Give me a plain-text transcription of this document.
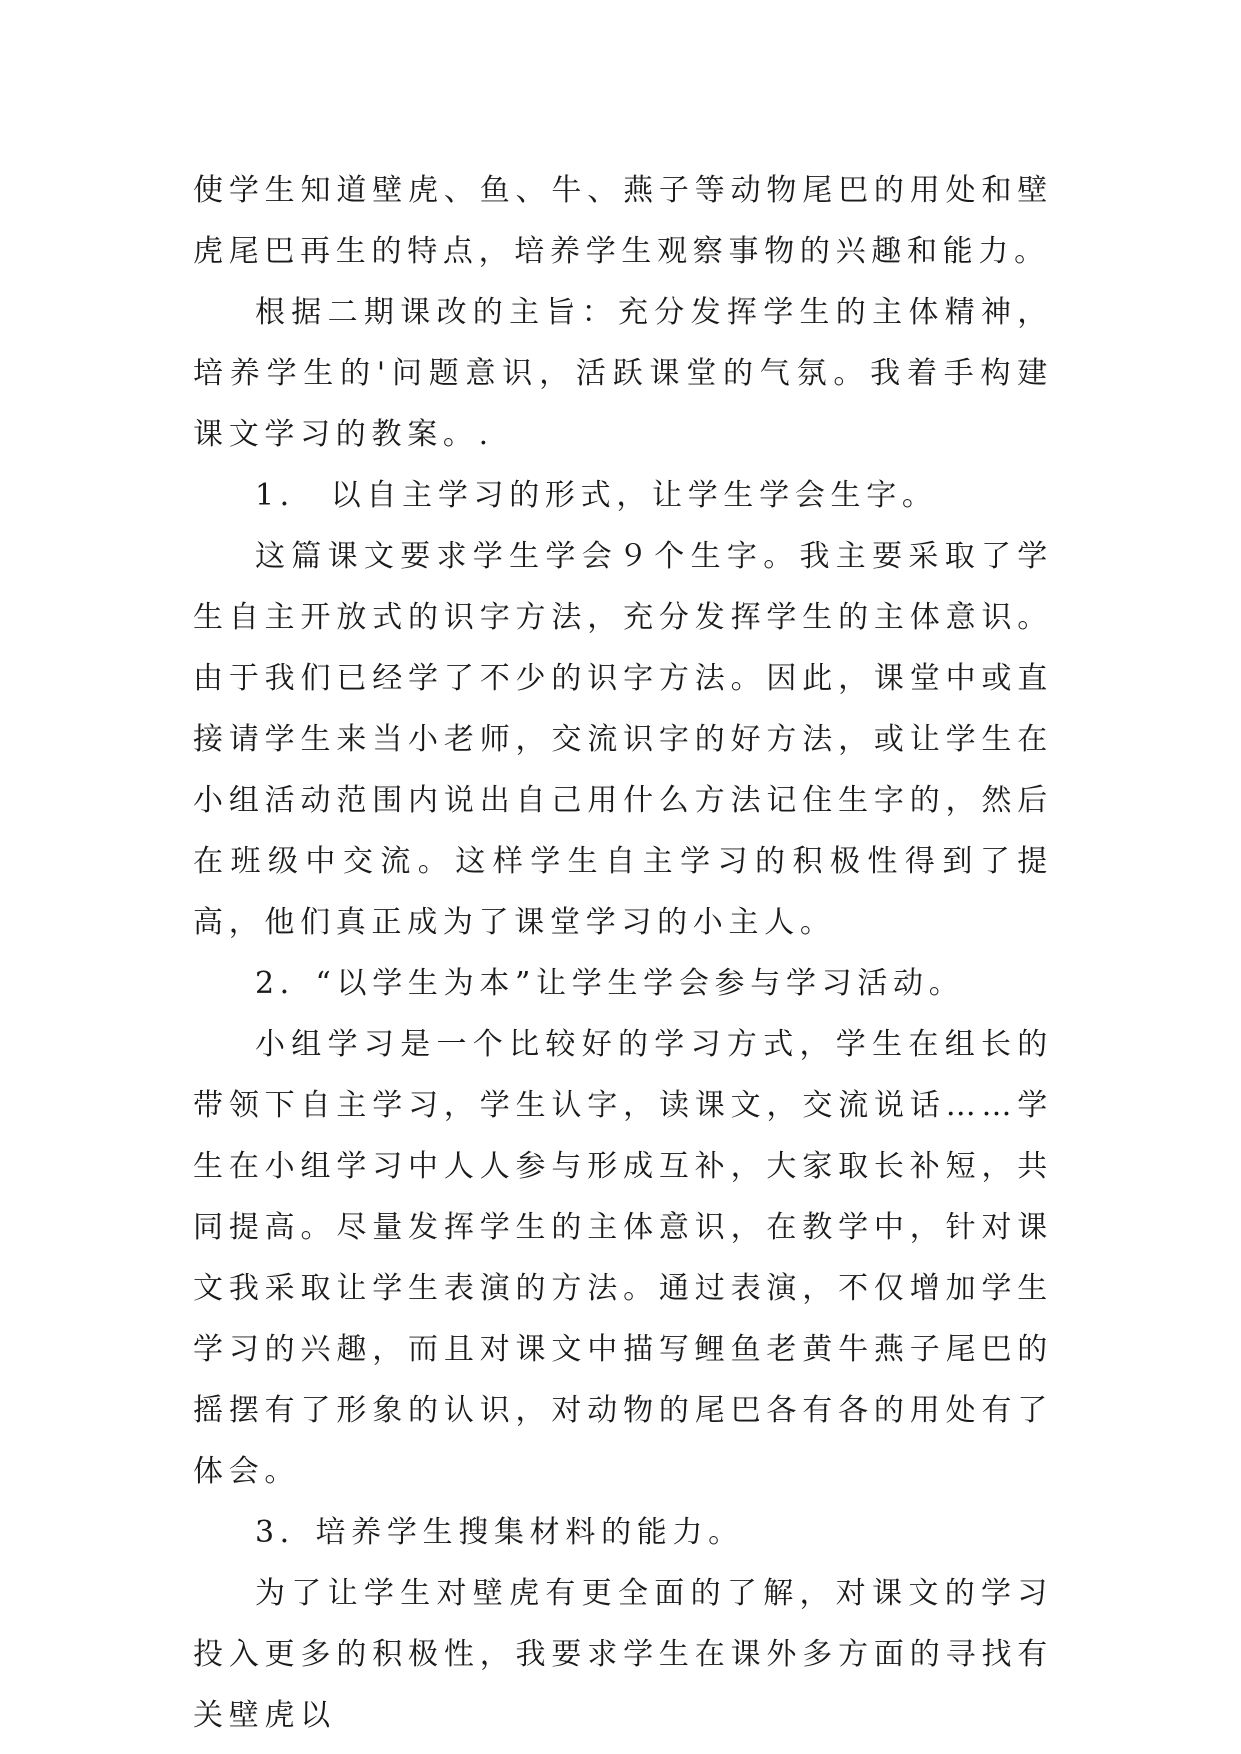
使学生知道壁虎、鱼、牛、燕子等动物尾巴的用处和壁虎尾巴再生的特点，培养学生观察事物的兴趣和能力。

根据二期课改的主旨：充分发挥学生的主体精神，培养学生的'问题意识，活跃课堂的气氛。我着手构建课文学习的教案。.

1． 以自主学习的形式，让学生学会生字。

这篇课文要求学生学会９个生字。我主要采取了学生自主开放式的识字方法，充分发挥学生的主体意识。由于我们已经学了不少的识字方法。因此，课堂中或直接请学生来当小老师，交流识字的好方法，或让学生在小组活动范围内说出自己用什么方法记住生字的，然后在班级中交流。这样学生自主学习的积极性得到了提高，他们真正成为了课堂学习的小主人。

2．“以学生为本”让学生学会参与学习活动。

小组学习是一个比较好的学习方式，学生在组长的带领下自主学习，学生认字，读课文，交流说话……学生在小组学习中人人参与形成互补，大家取长补短，共同提高。尽量发挥学生的主体意识，在教学中，针对课文我采取让学生表演的方法。通过表演，不仅增加学生学习的兴趣，而且对课文中描写鲤鱼老黄牛燕子尾巴的摇摆有了形象的认识，对动物的尾巴各有各的用处有了体会。

3．培养学生搜集材料的能力。

为了让学生对壁虎有更全面的了解，对课文的学习投入更多的积极性，我要求学生在课外多方面的寻找有关壁虎以
